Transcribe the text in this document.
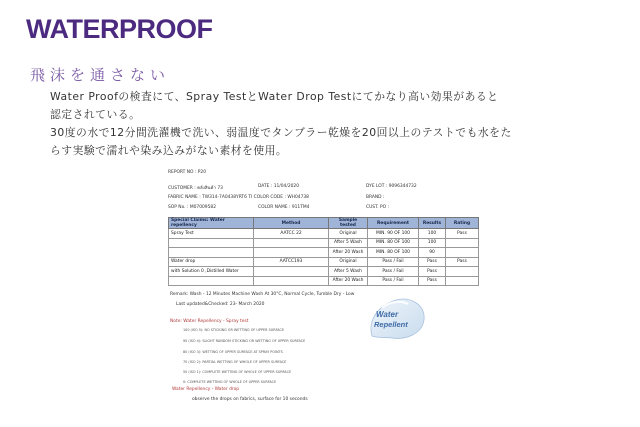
WATERPROOF
飛沫を通さない

Water Proofの検査にて、Spray TestとWater Drop Testにてかなり高い効果があると

認定されている。

30度の水で12分間洗濯機で洗い、弱温度でタンブラー乾燥を20回以上のテストでも水をた

らす実験で濡れや染み込みがない素材を使用。

REPORT NO : P20
CUSTOMER : คลังสินค้า 73	DATE : 11/04/2020	DYE LOT : 9096344732
FABRIC NAME : TW314-7A0438YRT6 TI COLOR CODE : WH04738	BRAND :
SOP No. : M07009582	COLOR NAME : 911TM4	CUST. PO :
Special Claims: Water repellency	Method	Sample tested	Requirement	Results	Rating
Spray Test	AATCC 22	Original	MIN. 90 OF 100	100	Pass
		After 5 Wash	MIN. 80 OF 100	100	
		After 20 Wash	MIN. 80 OF 100	90	
Water drop	AATCC193	Original	Pass / Fail	Pass	Pass
with Solution 0 ,Distilled Water		After 5 Wash	Pass / Fail	Pass	
		After 20 Wash	Pass / Fail	Pass	
Remark: Wash - 12 Minutes Machine Wash At 30°C, Normal Cycle, Tumble Dry - Low
Last updated&Checked: 23- March 2020
Note: Water Repellency - Spray test
100 (ISO 5): NO STICKING OR WETTING OF UPPER SURFACE
90 (ISO 4): SLIGHT RANDOM STICKING OR WETTING OF UPPER SURFACE
80 (ISO 3): WETTING OF UPPER SURFACE AT SPRAY POINTS
70 (ISO 2): PARTIAL WETTING OF WHOLE OF UPPER SURFACE
50 (ISO 1): COMPLETE WETTING OF WHOLE OF UPPER SURFACE
0: COMPLETE WETTING OF WHOLE OF UPPER SURFACE
Water Repellency - Water drop
observe the drops on fabrics, surface for 10 seconds
Water
Repellent
